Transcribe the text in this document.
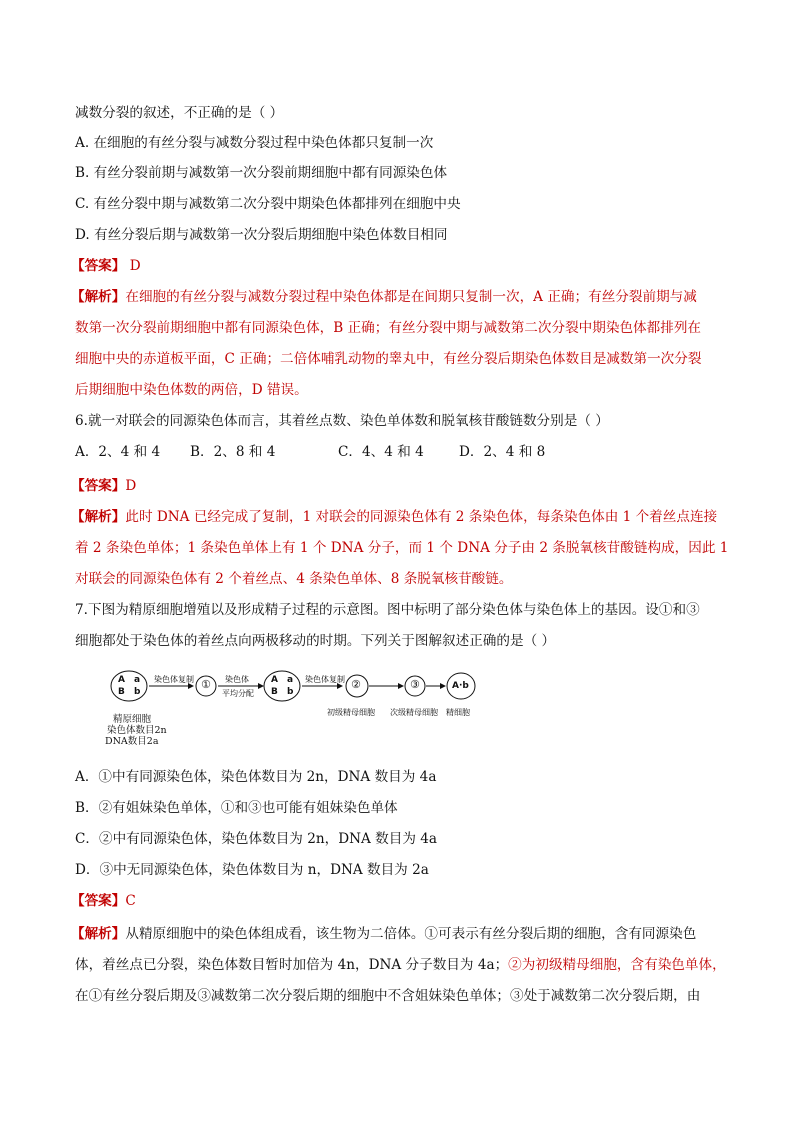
减数分裂的叙述，不正确的是（ ）
A. 在细胞的有丝分裂与减数分裂过程中染色体都只复制一次
B. 有丝分裂前期与减数第一次分裂前期细胞中都有同源染色体
C. 有丝分裂中期与减数第二次分裂中期染色体都排列在细胞中央
D. 有丝分裂后期与减数第一次分裂后期细胞中染色体数目相同
【答案】 D
【解析】在细胞的有丝分裂与减数分裂过程中染色体都是在间期只复制一次，A 正确；有丝分裂前期与减
数第一次分裂前期细胞中都有同源染色体，B 正确；有丝分裂中期与减数第二次分裂中期染色体都排列在
细胞中央的赤道板平面，C 正确；二倍体哺乳动物的睾丸中，有丝分裂后期染色体数目是减数第一次分裂
后期细胞中染色体数的两倍，D 错误。
6.就一对联会的同源染色体而言，其着丝点数、染色单体数和脱氧核苷酸链数分别是（ ）
A．2、4 和 4 B．2、8 和 4	C．4、4 和 4	D．2、4 和 8
【答案】D
【解析】此时 DNA 已经完成了复制，1 对联会的同源染色体有 2 条染色体，每条染色体由 1 个着丝点连接
着 2 条染色单体；1 条染色单体上有 1 个 DNA 分子，而 1 个 DNA 分子由 2 条脱氧核苷酸链构成，因此 1
对联会的同源染色体有 2 个着丝点、4 条染色单体、8 条脱氧核苷酸链。
7.下图为精原细胞增殖以及形成精子过程的示意图。图中标明了部分染色体与染色体上的基因。设①和③
细胞都处于染色体的着丝点向两极移动的时期。下列关于图解叙述正确的是（ ）
A
B
a
b
A
B
a
b
染色体复制 ① 染色体
平均分配
染色体复制 ②	③	A·b
初级精母细胞 次级精母细胞 精细胞
精原细胞
染色体数目2n
DNA数目2a
A．①中有同源染色体，染色体数目为 2n，DNA 数目为 4a
B．②有姐妹染色单体，①和③也可能有姐妹染色单体
C．②中有同源染色体，染色体数目为 2n，DNA 数目为 4a
D．③中无同源染色体，染色体数目为 n，DNA 数目为 2a
【答案】C
【解析】从精原细胞中的染色体组成看，该生物为二倍体。①可表示有丝分裂后期的细胞，含有同源染色
体，着丝点已分裂，染色体数目暂时加倍为 4n，DNA 分子数目为 4a；②为初级精母细胞，含有染色单体，
在①有丝分裂后期及③减数第二次分裂后期的细胞中不含姐妹染色单体；③处于减数第二次分裂后期，由
